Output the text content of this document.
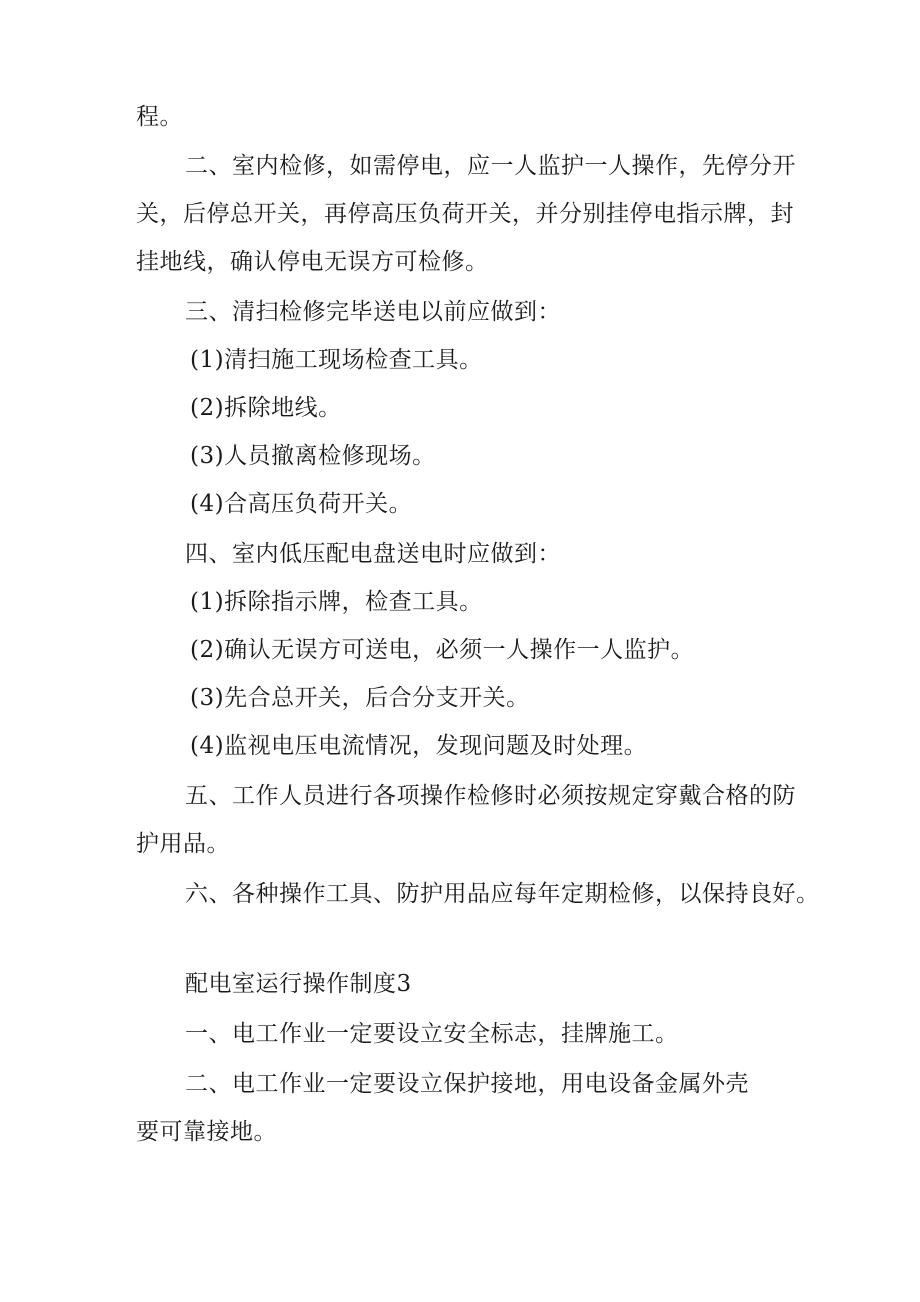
程。
二、室内检修，如需停电，应一人监护一人操作，先停分开
关，后停总开关，再停高压负荷开关，并分别挂停电指示牌，封
挂地线，确认停电无误方可检修。
三、清扫检修完毕送电以前应做到：
(1)清扫施工现场检查工具。
(2)拆除地线。
(3)人员撤离检修现场。
(4)合高压负荷开关。
四、室内低压配电盘送电时应做到：
(1)拆除指示牌，检查工具。
(2)确认无误方可送电，必须一人操作一人监护。
(3)先合总开关，后合分支开关。
(4)监视电压电流情况，发现问题及时处理。
五、工作人员进行各项操作检修时必须按规定穿戴合格的防
护用品。
六、各种操作工具、防护用品应每年定期检修，以保持良好。
配电室运行操作制度3
一、电工作业一定要设立安全标志，挂牌施工。
二、电工作业一定要设立保护接地，用电设备金属外壳
要可靠接地。
